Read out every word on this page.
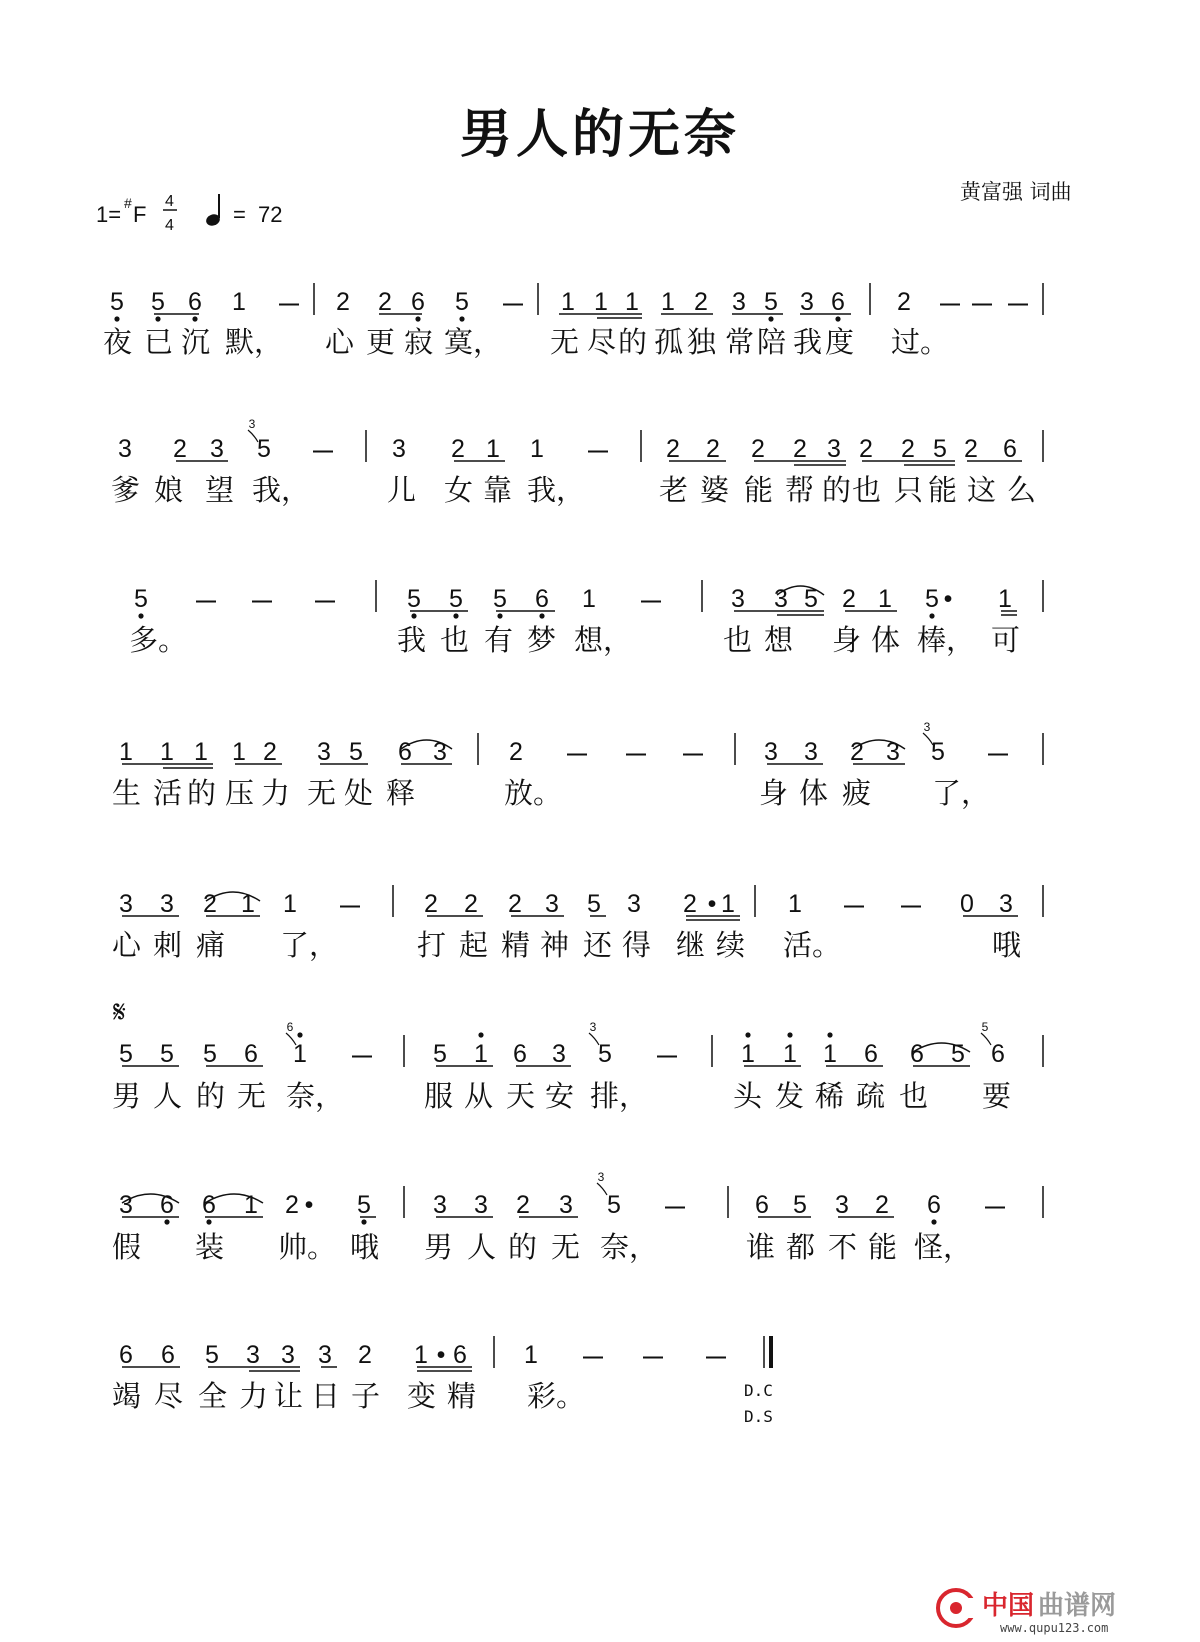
男人的无奈
黄富强 词曲
1= # F
4
4	= 72
5 5 6 1 — 2 2 6 5 — 1 1 1 1 2 3 5 3 6 2 — — —
夜 已 沉 默， 心 更 寂 寞， 无 尽 的 孤 独 常 陪 我 度 过。
3 2 3 5 — 3 2 1 1 — 2 2 2 2 3 2 2 5 2 6
3
爹 娘 望 我，	儿 女 靠 我，	老 婆 能 帮 的 也 只 能 这 么
5 — — —	5 5 5 6 1 —	3 3 5 2 1 5 • 1
多。	我 也 有 梦 想，	也 想 身 体 棒， 可
1 1 1 1 2 3 5 6 3 2 — — — 3 3 2 3 5 —
3
生 活 的 压 力 无 处 释	放。	身 体 疲 了，
3 3 2 1 1 —	2 2 2 3 5 3 2 • 1 1 — — 0 3
心 刺 痛 了，	打 起 精 神 还 得 继 续 活。	哦
5 5 5 6 1 — 5 1 6 3 5 —	1 1 1 6 6 5 6
6	3	5
男 人 的 无 奈，	服 从 天 安 排，	头 发 稀 疏 也 要
3 6 6 1 2 • 5 3 3 2 3 5 —	6 5 3 2 6 —
3
假 装 帅。 哦 男 人 的 无 奈，	谁 都 不 能 怪，
6 6 5 3 3 3 2 1 • 6 1 — — —
竭 尽 全 力 让 日 子 变 精 彩。
𝄋
D.C
D.S
中国 曲谱网
www.qupu123.com
